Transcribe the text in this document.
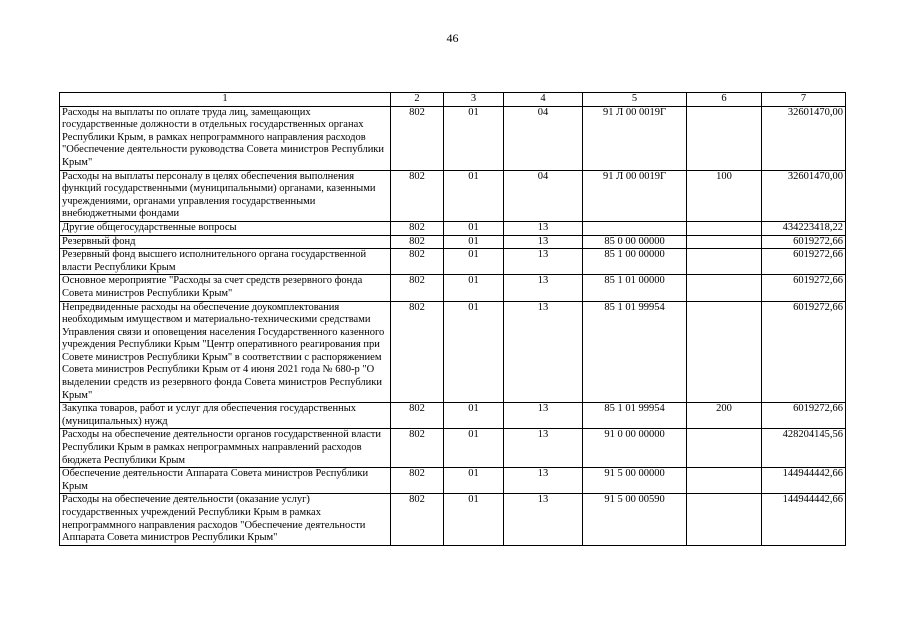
46
1	2	3	4	5	6	7
Расходы на выплаты по оплате труда лиц, замещающих государственные должности в отдельных государственных органах Республики Крым, в рамках непрограммного направления расходов "Обеспечение деятельности руководства Совета министров Республики Крым"	802	01	04	91 Л 00 0019Г		32601470,00
Расходы на выплаты персоналу в целях обеспечения выполнения функций государственными (муниципальными) органами, казенными учреждениями, органами управления государственными внебюджетными фондами	802	01	04	91 Л 00 0019Г	100	32601470,00
Другие общегосударственные вопросы	802	01	13			434223418,22
Резервный фонд	802	01	13	85 0 00 00000		6019272,66
Резервный фонд высшего исполнительного органа государственной власти Республики Крым	802	01	13	85 1 00 00000		6019272,66
Основное мероприятие "Расходы за счет средств резервного фонда Совета министров Республики Крым"	802	01	13	85 1 01 00000		6019272,66
Непредвиденные расходы на обеспечение доукомплектования необходимым имуществом и материально-техническими средствами Управления связи и оповещения населения Государственного казенного учреждения Республики Крым "Центр оперативного реагирования при Совете министров Республики Крым" в соответствии с распоряжением Совета министров Республики Крым от 4 июня 2021 года № 680-р "О выделении средств из резервного фонда Совета министров Республики Крым"	802	01	13	85 1 01 99954		6019272,66
Закупка товаров, работ и услуг для обеспечения государственных (муниципальных) нужд	802	01	13	85 1 01 99954	200	6019272,66
Расходы на обеспечение деятельности органов государственной власти Республики Крым в рамках непрограммных направлений расходов бюджета Республики Крым	802	01	13	91 0 00 00000		428204145,56
Обеспечение деятельности Аппарата Совета министров Республики Крым	802	01	13	91 5 00 00000		144944442,66
Расходы на обеспечение деятельности (оказание услуг) государственных учреждений Республики Крым в рамках непрограммного направления расходов "Обеспечение деятельности Аппарата Совета министров Республики Крым"	802	01	13	91 5 00 00590		144944442,66
